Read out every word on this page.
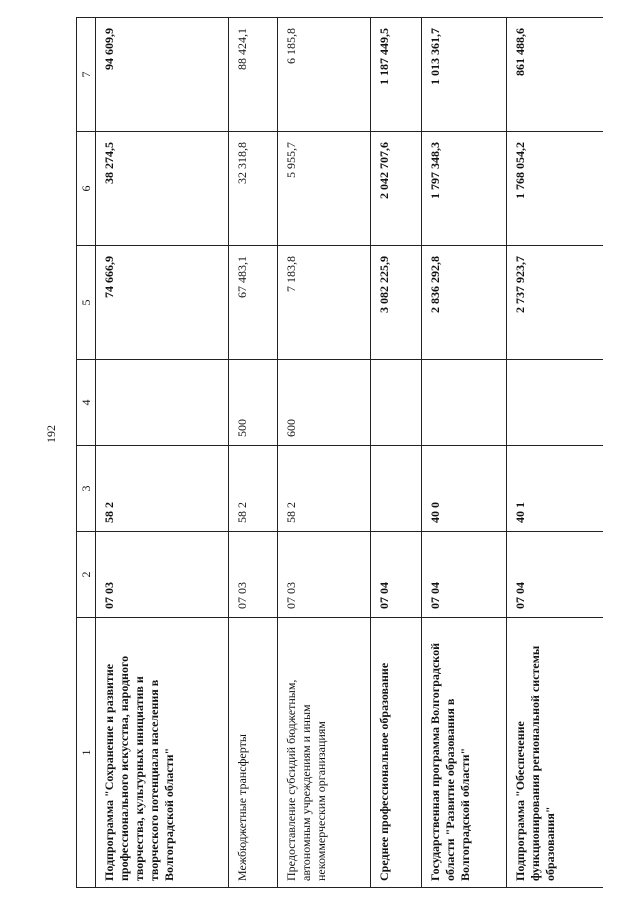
192
1	2	3	4	5	6	7
Подпрограмма "Сохранение и развитие профессионального искусства, народного творчества, культурных инициатив и творческого потенциала населения в Волгоградской области"	07 03	58 2		74 666,9	38 274,5	94 609,9
Межбюджетные трансферты	07 03	58 2	500	67 483,1	32 318,8	88 424,1
Предоставление субсидий бюджетным, автономным учреждениям и иным некоммерческим организациям	07 03	58 2	600	7 183,8	5 955,7	6 185,8
Среднее профессиональное образование	07 04			3 082 225,9	2 042 707,6	1 187 449,5
Государственная программа Волгоградской области "Развитие образования в Волгоградской области"	07 04	40 0		2 836 292,8	1 797 348,3	1 013 361,7
Подпрограмма "Обеспечение функционирования региональной системы образования"	07 04	40 1		2 737 923,7	1 768 054,2	861 488,6
